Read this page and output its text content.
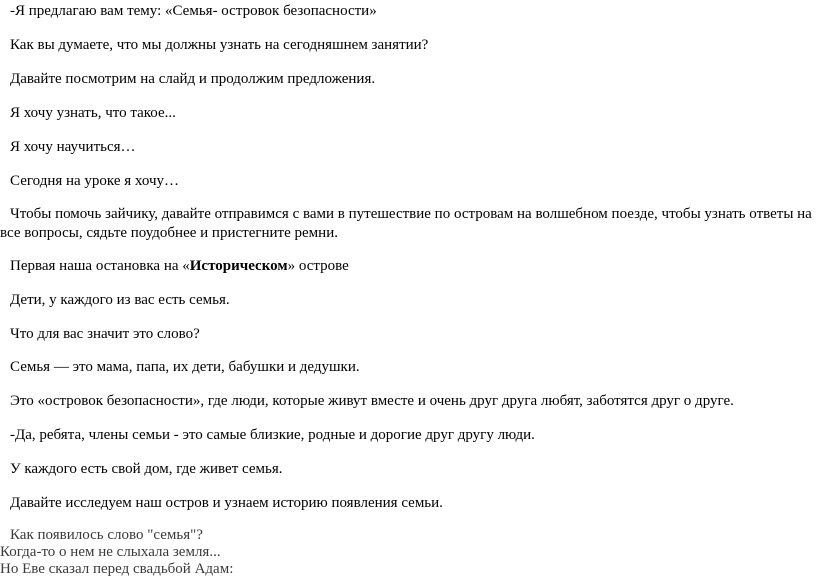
-Я предлагаю вам тему: «Семья- островок безопасности»
Как вы думаете, что мы должны узнать на сегодняшнем занятии?
Давайте посмотрим на слайд и продолжим предложения.
Я хочу узнать, что такое...
Я хочу научиться…
Сегодня на уроке я хочу…
Чтобы помочь зайчику, давайте отправимся с вами в путешествие по островам на волшебном поезде, чтобы узнать ответы на все вопросы, сядьте поудобнее и пристегните ремни.
Первая наша остановка на «Историческом» острове
Дети, у каждого из вас есть семья.
Что для вас значит это слово?
Семья — это мама, папа, их дети, бабушки и дедушки.
Это «островок безопасности», где люди, которые живут вместе и очень друг друга любят, заботятся друг о друге.
-Да, ребята, члены семьи - это самые близкие, родные и дорогие друг другу люди.
У каждого есть свой дом, где живет семья.
Давайте исследуем наш остров и узнаем историю появления семьи.
Как появилось слово "семья"?
Когда-то о нем не слыхала земля...
Но Еве сказал перед свадьбой Адам:
